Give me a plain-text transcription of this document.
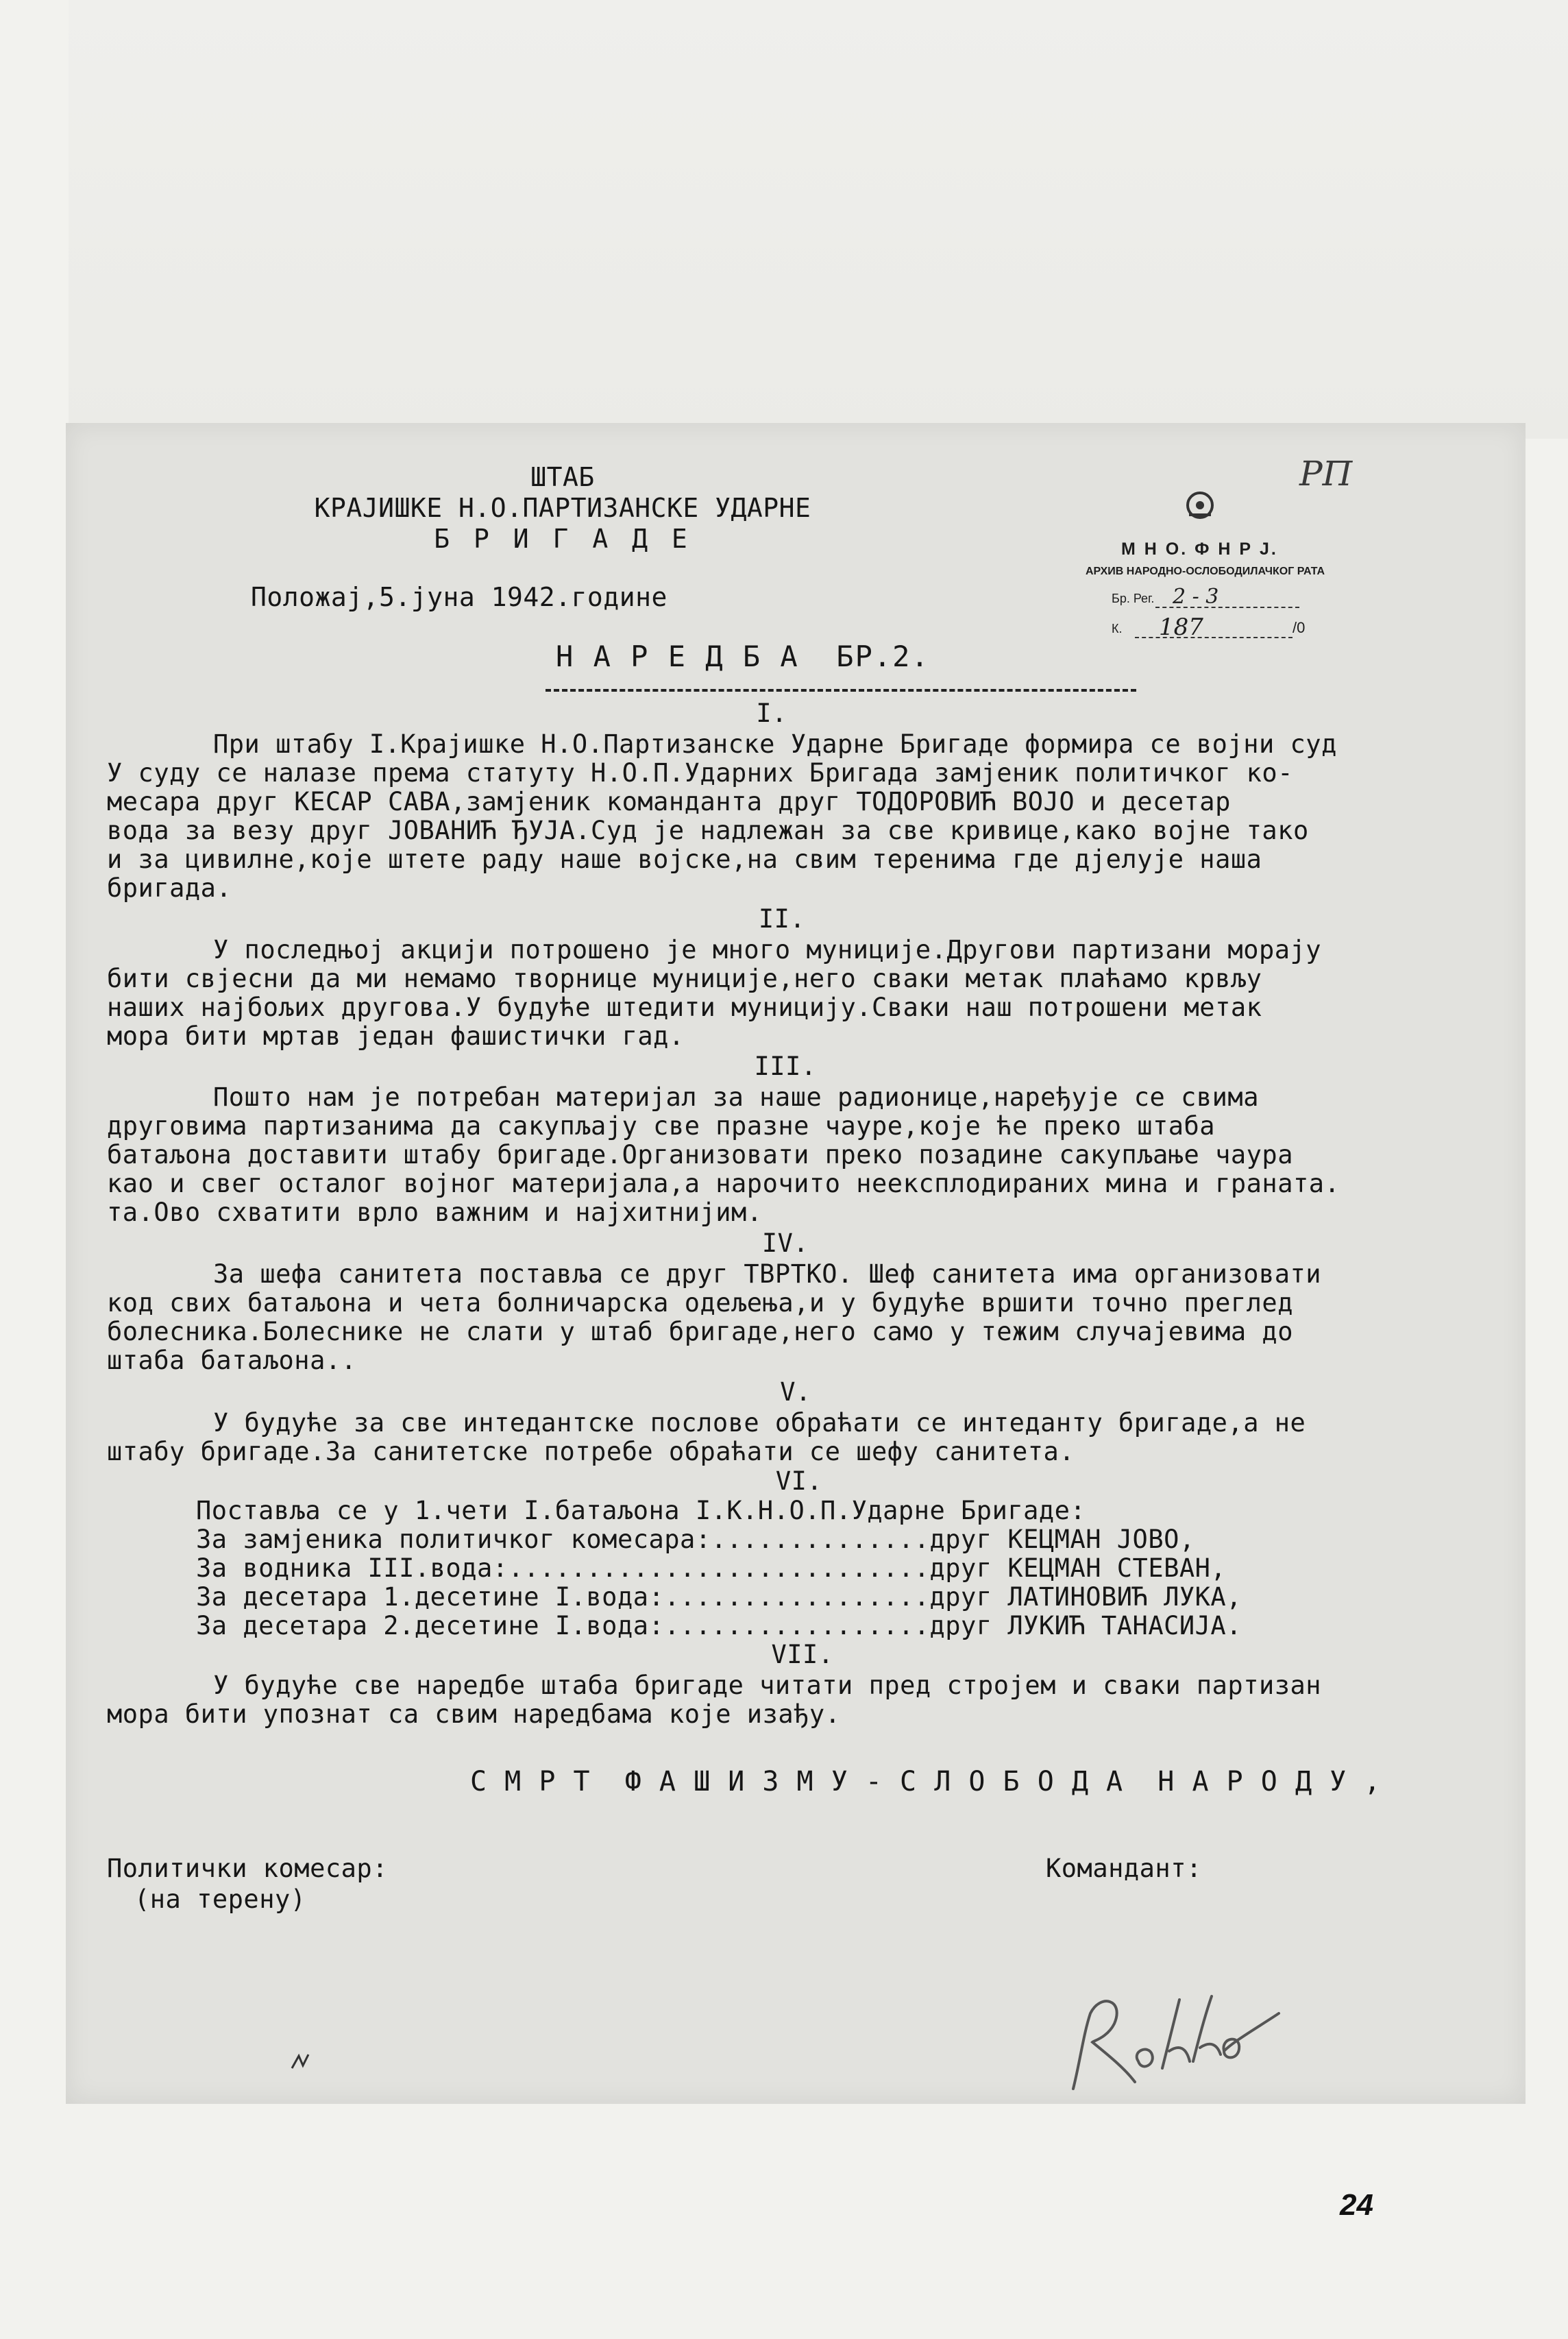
ШТАБ
КРАЈИШКЕ Н.О.ПАРТИЗАНСКЕ УДАРНЕ
Б Р И Г А Д Е
Положај,5.јуна 1942.године
РП
М Н О. Ф Н Р Ј.
АРХИВ НАРОДНО-ОСЛОБОДИЛАЧКОГ РАТА
Бр. Рег. 2 - 3
К. 187	/0
Н А Р Е Д Б А  БР.2.
I.
При штабу I.Крајишке Н.О.Партизанске Ударне Бригаде формира се војни суд
У суду се налазе према статуту Н.О.П.Ударних Бригада замјеник политичког ко-
месара друг КЕСАР САВА,замјеник команданта друг ТОДОРОВИЋ ВОЈО и десетар
вода за везу друг ЈОВАНИЋ ЂУЈА.Суд је надлежан за све кривице,како војне тако
и за цивилне,које штете раду наше војске,на свим теренима где дјелује наша
бригада.
II.
У последњој акцији потрошено је много муниције.Другови партизани морају
бити свјесни да ми немамо творнице муниције,него сваки метак плаћамо крвљу
наших најбољих другова.У будуће штедити муницију.Сваки наш потрошени метак
мора бити мртав један фашистички гад.
III.
Пошто нам је потребан материјал за наше радионице,наређује се свима
друговима партизанима да сакупљају све празне чауре,које ће преко штаба
батаљона доставити штабу бригаде.Организовати преко позадине сакупљање чаура
као и свег осталог војног материјала,а нарочито неексплодираних мина и граната.
та.Ово схватити врло важним и најхитнијим.
IV.
За шефа санитета поставља се друг ТВРТКО. Шеф санитета има организовати
код свих батаљона и чета болничарска одељења,и у будуће вршити точно преглед
болесника.Болеснике не слати у штаб бригаде,него само у тежим случајевима до
штаба батаљона..
V.
У будуће за све интедантске послове обраћати се интеданту бригаде,а не
штабу бригаде.За санитетске потребе обраћати се шефу санитета.
VI.
Поставља се у 1.чети I.батаљона I.К.Н.О.П.Ударне Бригаде:
За замјеника политичког комесара:..............друг КЕЦМАН ЈОВО,
За водника III.вода:...........................друг КЕЦМАН СТЕВАН,
За десетара 1.десетине I.вода:.................друг ЛАТИНОВИЋ ЛУКА,
За десетара 2.десетине I.вода:.................друг ЛУКИЋ ТАНАСИЈА.
VII.
У будуће све наредбе штаба бригаде читати пред стројем и сваки партизан
мора бити упознат са свим наредбама које изађу.
С М Р Т  Ф А Ш И З М У - С Л О Б О Д А  Н А Р О Д У ,
Политички комесар:
(на терену)
Командант:
24
